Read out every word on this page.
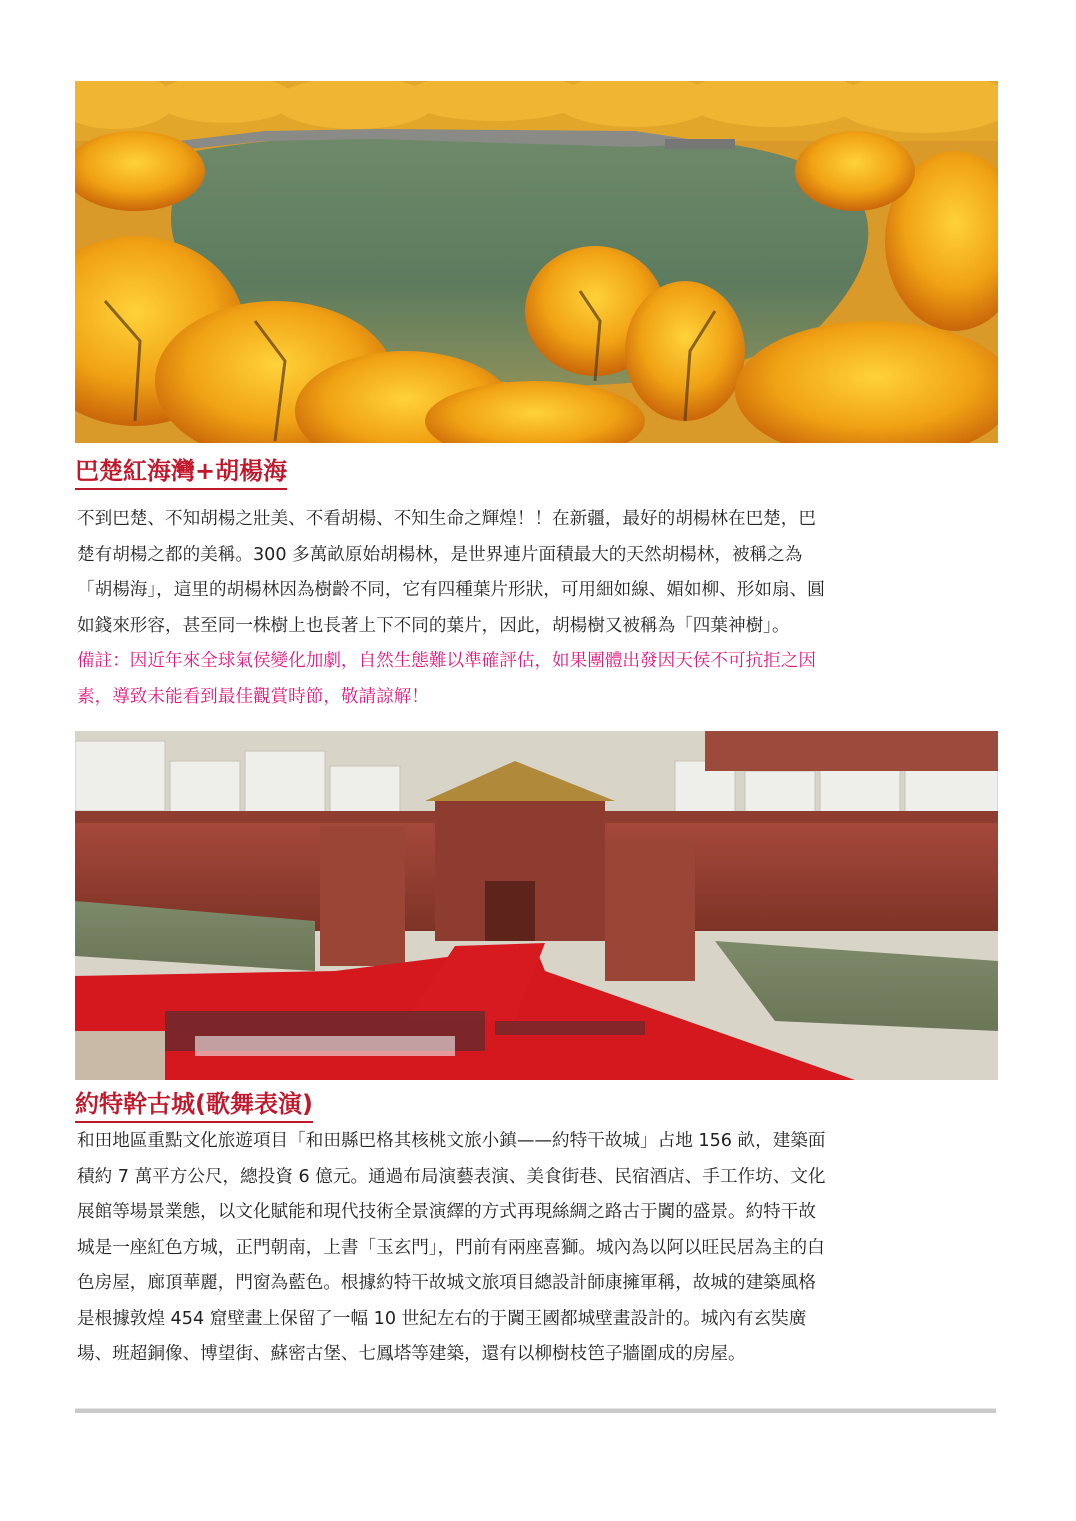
巴楚紅海灣+胡楊海
不到巴楚、不知胡楊之壯美、不看胡楊、不知生命之輝煌！！在新疆，最好的胡楊林在巴楚，巴
楚有胡楊之都的美稱。300 多萬畝原始胡楊林，是世界連片面積最大的天然胡楊林，被稱之為
「胡楊海」，這里的胡楊林因為樹齡不同，它有四種葉片形狀，可用細如線、媚如柳、形如扇、圓
如錢來形容，甚至同一株樹上也長著上下不同的葉片，因此，胡楊樹又被稱為「四葉神樹」。
備註：因近年來全球氣侯變化加劇，自然生態難以準確評估，如果團體出發因天侯不可抗拒之因
素，導致未能看到最佳觀賞時節，敬請諒解！
約特幹古城(歌舞表演)
和田地區重點文化旅遊項目「和田縣巴格其核桃文旅小鎮——約特干故城」占地 156 畝，建築面
積約 7 萬平方公尺，總投資 6 億元。通過布局演藝表演、美食街巷、民宿酒店、手工作坊、文化
展館等場景業態，以文化賦能和現代技術全景演繹的方式再現絲綢之路古于闐的盛景。約特干故
城是一座紅色方城，正門朝南，上書「玉玄門」，門前有兩座喜獅。城內為以阿以旺民居為主的白
色房屋，廊頂華麗，門窗為藍色。根據約特干故城文旅項目總設計師康擁軍稱，故城的建築風格
是根據敦煌 454 窟壁畫上保留了一幅 10 世紀左右的于闐王國都城壁畫設計的。城內有玄奘廣
場、班超銅像、博望街、蘇密古堡、七鳳塔等建築，還有以柳樹枝笆子牆圍成的房屋。
